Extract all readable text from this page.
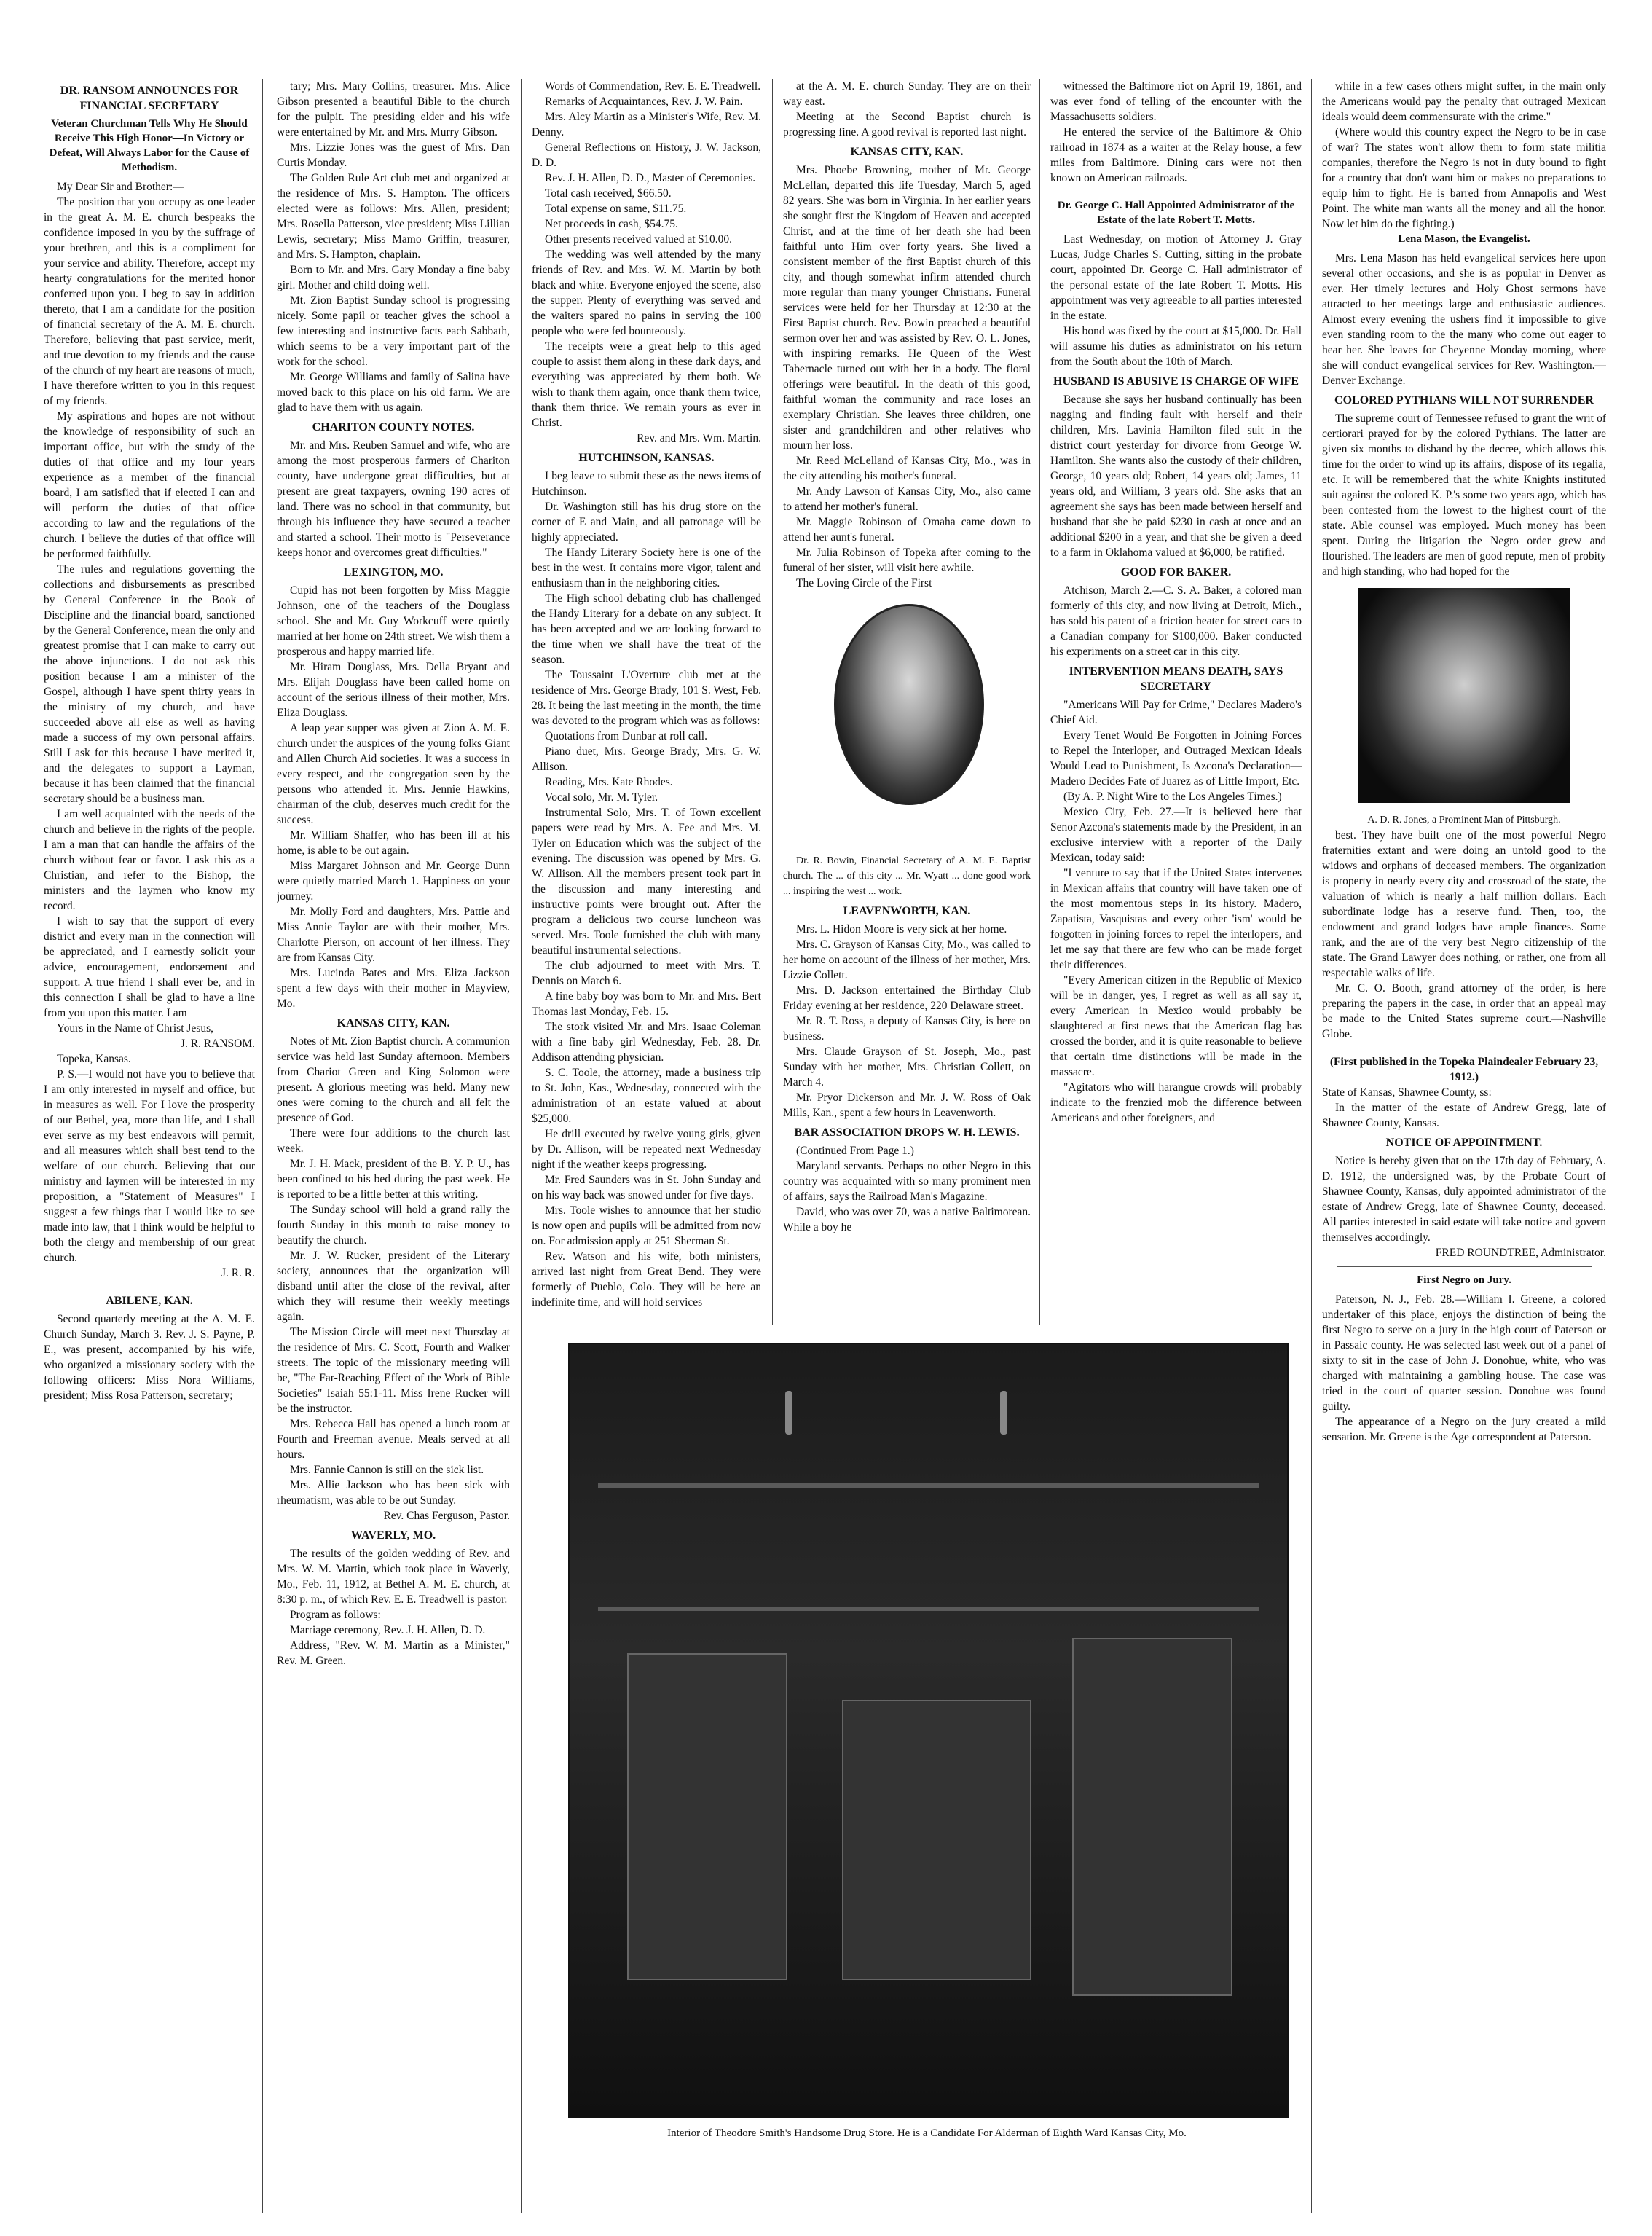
DR. RANSOM ANNOUNCES FOR FINANCIAL SECRETARY
Veteran Churchman Tells Why He Should Receive This High Honor—In Victory or Defeat, Will Always Labor for the Cause of Methodism.

My Dear Sir and Brother:—

The position that you occupy as one leader in the great A. M. E. church bespeaks the confidence imposed in you by the suffrage of your brethren, and this is a compliment for your service and ability. Therefore, accept my hearty congratulations for the merited honor conferred upon you. I beg to say in addition thereto, that I am a candidate for the position of financial secretary of the A. M. E. church. Therefore, believing that past service, merit, and true devotion to my friends and the cause of the church of my heart are reasons of much, I have therefore written to you in this request of my friends.

My aspirations and hopes are not without the knowledge of responsibility of such an important office, but with the study of the duties of that office and my four years experience as a member of the financial board, I am satisfied that if elected I can and will perform the duties of that office according to law and the regulations of the church. I believe the duties of that office will be performed faithfully.

The rules and regulations governing the collections and disbursements as prescribed by General Conference in the Book of Discipline and the financial board, sanctioned by the General Conference, mean the only and greatest promise that I can make to carry out the above injunctions. I do not ask this position because I am a minister of the Gospel, although I have spent thirty years in the ministry of my church, and have succeeded above all else as well as having made a success of my own personal affairs. Still I ask for this because I have merited it, and the delegates to support a Layman, because it has been claimed that the financial secretary should be a business man.

I am well acquainted with the needs of the church and believe in the rights of the people. I am a man that can handle the affairs of the church without fear or favor. I ask this as a Christian, and refer to the Bishop, the ministers and the laymen who know my record.

I wish to say that the support of every district and every man in the connection will be appreciated, and I earnestly solicit your advice, encouragement, endorsement and support. A true friend I shall ever be, and in this connection I shall be glad to have a line from you upon this matter. I am

Yours in the Name of Christ Jesus,

J. R. RANSOM.

Topeka, Kansas.

P. S.—I would not have you to believe that I am only interested in myself and office, but in measures as well. For I love the prosperity of our Bethel, yea, more than life, and I shall ever serve as my best endeavors will permit, and all measures which shall best tend to the welfare of our church. Believing that our ministry and laymen will be interested in my proposition, a "Statement of Measures" I suggest a few things that I would like to see made into law, that I think would be helpful to both the clergy and membership of our great church.

J. R. R.

ABILENE, KAN.

Second quarterly meeting at the A. M. E. Church Sunday, March 3. Rev. J. S. Payne, P. E., was present, accompanied by his wife, who organized a missionary society with the following officers: Miss Nora Williams, president; Miss Rosa Patterson, secretary;

tary; Mrs. Mary Collins, treasurer. Mrs. Alice Gibson presented a beautiful Bible to the church for the pulpit. The presiding elder and his wife were entertained by Mr. and Mrs. Murry Gibson.

Mrs. Lizzie Jones was the guest of Mrs. Dan Curtis Monday.

The Golden Rule Art club met and organized at the residence of Mrs. S. Hampton. The officers elected were as follows: Mrs. Allen, president; Mrs. Rosella Patterson, vice president; Miss Lillian Lewis, secretary; Miss Mamo Griffin, treasurer, and Mrs. S. Hampton, chaplain.

Born to Mr. and Mrs. Gary Monday a fine baby girl. Mother and child doing well.

Mt. Zion Baptist Sunday school is progressing nicely. Some papil or teacher gives the school a few interesting and instructive facts each Sabbath, which seems to be a very important part of the work for the school.

Mr. George Williams and family of Salina have moved back to this place on his old farm. We are glad to have them with us again.

CHARITON COUNTY NOTES.

Mr. and Mrs. Reuben Samuel and wife, who are among the most prosperous farmers of Chariton county, have undergone great difficulties, but at present are great taxpayers, owning 190 acres of land. There was no school in that community, but through his influence they have secured a teacher and started a school. Their motto is "Perseverance keeps honor and overcomes great difficulties."

LEXINGTON, MO.

Cupid has not been forgotten by Miss Maggie Johnson, one of the teachers of the Douglass school. She and Mr. Guy Workcuff were quietly married at her home on 24th street. We wish them a prosperous and happy married life.

Mr. Hiram Douglass, Mrs. Della Bryant and Mrs. Elijah Douglass have been called home on account of the serious illness of their mother, Mrs. Eliza Douglass.

A leap year supper was given at Zion A. M. E. church under the auspices of the young folks Giant and Allen Church Aid societies. It was a success in every respect, and the congregation seen by the persons who attended it. Mrs. Jennie Hawkins, chairman of the club, deserves much credit for the success.

Mr. William Shaffer, who has been ill at his home, is able to be out again.

Miss Margaret Johnson and Mr. George Dunn were quietly married March 1. Happiness on your journey.

Mr. Molly Ford and daughters, Mrs. Pattie and Miss Annie Taylor are with their mother, Mrs. Charlotte Pierson, on account of her illness. They are from Kansas City.

Mrs. Lucinda Bates and Mrs. Eliza Jackson spent a few days with their mother in Mayview, Mo.

KANSAS CITY, KAN.

Notes of Mt. Zion Baptist church. A communion service was held last Sunday afternoon. Members from Chariot Green and King Solomon were present. A glorious meeting was held. Many new ones were coming to the church and all felt the presence of God.

There were four additions to the church last week.

Mr. J. H. Mack, president of the B. Y. P. U., has been confined to his bed during the past week. He is reported to be a little better at this writing.

The Sunday school will hold a grand rally the fourth Sunday in this month to raise money to beautify the church.

Mr. J. W. Rucker, president of the Literary society, announces that the organization will disband until after the close of the revival, after which they will resume their weekly meetings again.

The Mission Circle will meet next Thursday at the residence of Mrs. C. Scott, Fourth and Walker streets. The topic of the missionary meeting will be, "The Far-Reaching Effect of the Work of Bible Societies" Isaiah 55:1-11. Miss Irene Rucker will be the instructor.

Mrs. Rebecca Hall has opened a lunch room at Fourth and Freeman avenue. Meals served at all hours.

Mrs. Fannie Cannon is still on the sick list.

Mrs. Allie Jackson who has been sick with rheumatism, was able to be out Sunday.

Rev. Chas Ferguson, Pastor.

WAVERLY, MO.

The results of the golden wedding of Rev. and Mrs. W. M. Martin, which took place in Waverly, Mo., Feb. 11, 1912, at Bethel A. M. E. church, at 8:30 p. m., of which Rev. E. E. Treadwell is pastor.

Program as follows:

Marriage ceremony, Rev. J. H. Allen, D. D.

Address, "Rev. W. M. Martin as a Minister," Rev. M. Green.

Words of Commendation, Rev. E. E. Treadwell.

Remarks of Acquaintances, Rev. J. W. Pain.

Mrs. Alcy Martin as a Minister's Wife, Rev. M. Denny.

General Reflections on History, J. W. Jackson, D. D.

Rev. J. H. Allen, D. D., Master of Ceremonies.

Total cash received, $66.50.

Total expense on same, $11.75.

Net proceeds in cash, $54.75.

Other presents received valued at $10.00.

The wedding was well attended by the many friends of Rev. and Mrs. W. M. Martin by both black and white. Everyone enjoyed the scene, also the supper. Plenty of everything was served and the waiters spared no pains in serving the 100 people who were fed bounteously.

The receipts were a great help to this aged couple to assist them along in these dark days, and everything was appreciated by them both. We wish to thank them again, once thank them twice, thank them thrice. We remain yours as ever in Christ.

Rev. and Mrs. Wm. Martin.

HUTCHINSON, KANSAS.

I beg leave to submit these as the news items of Hutchinson.

Dr. Washington still has his drug store on the corner of E and Main, and all patronage will be highly appreciated.

The Handy Literary Society here is one of the best in the west. It contains more vigor, talent and enthusiasm than in the neighboring cities.

The High school debating club has challenged the Handy Literary for a debate on any subject. It has been accepted and we are looking forward to the time when we shall have the treat of the season.

The Toussaint L'Overture club met at the residence of Mrs. George Brady, 101 S. West, Feb. 28. It being the last meeting in the month, the time was devoted to the program which was as follows:

Quotations from Dunbar at roll call.

Piano duet, Mrs. George Brady, Mrs. G. W. Allison.

Reading, Mrs. Kate Rhodes.

Vocal solo, Mr. M. Tyler.

Instrumental Solo, Mrs. T. of Town excellent papers were read by Mrs. A. Fee and Mrs. M. Tyler on Education which was the subject of the evening. The discussion was opened by Mrs. G. W. Allison. All the members present took part in the discussion and many interesting and instructive points were brought out. After the program a delicious two course luncheon was served. Mrs. Toole furnished the club with many beautiful instrumental selections.

The club adjourned to meet with Mrs. T. Dennis on March 6.

A fine baby boy was born to Mr. and Mrs. Bert Thomas last Monday, Feb. 15.

The stork visited Mr. and Mrs. Isaac Coleman with a fine baby girl Wednesday, Feb. 28. Dr. Addison attending physician.

S. C. Toole, the attorney, made a business trip to St. John, Kas., Wednesday, connected with the administration of an estate valued at about $25,000.

He drill executed by twelve young girls, given by Dr. Allison, will be repeated next Wednesday night if the weather keeps progressing.

Mr. Fred Saunders was in St. John Sunday and on his way back was snowed under for five days.

Mrs. Toole wishes to announce that her studio is now open and pupils will be admitted from now on. For admission apply at 251 Sherman St.

Rev. Watson and his wife, both ministers, arrived last night from Great Bend. They were formerly of Pueblo, Colo. They will be here an indefinite time, and will hold services

at the A. M. E. church Sunday. They are on their way east.

Meeting at the Second Baptist church is progressing fine. A good revival is reported last night.

KANSAS CITY, KAN.

Mrs. Phoebe Browning, mother of Mr. George McLellan, departed this life Tuesday, March 5, aged 82 years. She was born in Virginia. In her earlier years she sought first the Kingdom of Heaven and accepted Christ, and at the time of her death she had been faithful unto Him over forty years. She lived a consistent member of the first Baptist church of this city, and though somewhat infirm attended church more regular than many younger Christians. Funeral services were held for her Thursday at 12:30 at the First Baptist church. Rev. Bowin preached a beautiful sermon over her and was assisted by Rev. O. L. Jones, with inspiring remarks. He Queen of the West Tabernacle turned out with her in a body. The floral offerings were beautiful. In the death of this good, faithful woman the community and race loses an exemplary Christian. She leaves three children, one sister and grandchildren and other relatives who mourn her loss.

Mr. Reed McLelland of Kansas City, Mo., was in the city attending his mother's funeral.

Mr. Andy Lawson of Kansas City, Mo., also came to attend her mother's funeral.

Mr. Maggie Robinson of Omaha came down to attend her aunt's funeral.

Mr. Julia Robinson of Topeka after coming to the funeral of her sister, will visit here awhile.

The Loving Circle of the First

Dr. R. Bowin, Financial Secretary of A. M. E. Baptist church. The ... of this city ... Mr. Wyatt ... done good work ... inspiring the west ... work.

LEAVENWORTH, KAN.

Mrs. L. Hidon Moore is very sick at her home.

Mrs. C. Grayson of Kansas City, Mo., was called to her home on account of the illness of her mother, Mrs. Lizzie Collett.

Mrs. D. Jackson entertained the Birthday Club Friday evening at her residence, 220 Delaware street.

Mr. R. T. Ross, a deputy of Kansas City, is here on business.

Mrs. Claude Grayson of St. Joseph, Mo., past Sunday with her mother, Mrs. Christian Collett, on March 4.

Mr. Pryor Dickerson and Mr. J. W. Ross of Oak Mills, Kan., spent a few hours in Leavenworth.

BAR ASSOCIATION DROPS W. H. LEWIS.

(Continued From Page 1.)

Maryland servants. Perhaps no other Negro in this country was acquainted with so many prominent men of affairs, says the Railroad Man's Magazine.

David, who was over 70, was a native Baltimorean. While a boy he

witnessed the Baltimore riot on April 19, 1861, and was ever fond of telling of the encounter with the Massachusetts soldiers.

He entered the service of the Baltimore & Ohio railroad in 1874 as a waiter at the Relay house, a few miles from Baltimore. Dining cars were not then known on American railroads.

Dr. George C. Hall Appointed Administrator of the Estate of the late Robert T. Motts.

Last Wednesday, on motion of Attorney J. Gray Lucas, Judge Charles S. Cutting, sitting in the probate court, appointed Dr. George C. Hall administrator of the personal estate of the late Robert T. Motts. His appointment was very agreeable to all parties interested in the estate.

His bond was fixed by the court at $15,000. Dr. Hall will assume his duties as administrator on his return from the South about the 10th of March.

HUSBAND IS ABUSIVE IS CHARGE OF WIFE

Because she says her husband continually has been nagging and finding fault with herself and their children, Mrs. Lavinia Hamilton filed suit in the district court yesterday for divorce from George W. Hamilton. She wants also the custody of their children, George, 10 years old; Robert, 14 years old; James, 11 years old, and William, 3 years old. She asks that an agreement she says has been made between herself and husband that she be paid $230 in cash at once and an additional $200 in a year, and that she be given a deed to a farm in Oklahoma valued at $6,000, be ratified.

GOOD FOR BAKER.

Atchison, March 2.—C. S. A. Baker, a colored man formerly of this city, and now living at Detroit, Mich., has sold his patent of a friction heater for street cars to a Canadian company for $100,000. Baker conducted his experiments on a street car in this city.

INTERVENTION MEANS DEATH, SAYS SECRETARY

"Americans Will Pay for Crime," Declares Madero's Chief Aid.

Every Tenet Would Be Forgotten in Joining Forces to Repel the Interloper, and Outraged Mexican Ideals Would Lead to Punishment, Is Azcona's Declaration—Madero Decides Fate of Juarez as of Little Import, Etc.

(By A. P. Night Wire to the Los Angeles Times.)

Mexico City, Feb. 27.—It is believed here that Senor Azcona's statements made by the President, in an exclusive interview with a reporter of the Daily Mexican, today said:

"I venture to say that if the United States intervenes in Mexican affairs that country will have taken one of the most momentous steps in its history. Madero, Zapatista, Vasquistas and every other 'ism' would be forgotten in joining forces to repel the interlopers, and let me say that there are few who can be made forget their differences.

"Every American citizen in the Republic of Mexico will be in danger, yes, I regret as well as all say it, every American in Mexico would probably be slaughtered at first news that the American flag has crossed the border, and it is quite reasonable to believe that certain time distinctions will be made in the massacre.

"Agitators who will harangue crowds will probably indicate to the frenzied mob the difference between Americans and other foreigners, and

while in a few cases others might suffer, in the main only the Americans would pay the penalty that outraged Mexican ideals would deem commensurate with the crime."

(Where would this country expect the Negro to be in case of war? The states won't allow them to form state militia companies, therefore the Negro is not in duty bound to fight for a country that don't want him or makes no preparations to equip him to fight. He is barred from Annapolis and West Point. The white man wants all the money and all the honor. Now let him do the fighting.)

Lena Mason, the Evangelist.

Mrs. Lena Mason has held evangelical services here upon several other occasions, and she is as popular in Denver as ever. Her timely lectures and Holy Ghost sermons have attracted to her meetings large and enthusiastic audiences. Almost every evening the ushers find it impossible to give even standing room to the the many who come out eager to hear her. She leaves for Cheyenne Monday morning, where she will conduct evangelical services for Rev. Washington.—Denver Exchange.

COLORED PYTHIANS WILL NOT SURRENDER

The supreme court of Tennessee refused to grant the writ of certiorari prayed for by the colored Pythians. The latter are given six months to disband by the decree, which allows this time for the order to wind up its affairs, dispose of its regalia, etc. It will be remembered that the white Knights instituted suit against the colored K. P.'s some two years ago, which has been contested from the lowest to the highest court of the state. Able counsel was employed. Much money has been spent. During the litigation the Negro order grew and flourished. The leaders are men of good repute, men of probity and high standing, who had hoped for the

A. D. R. Jones, a Prominent Man of Pittsburgh.

best. They have built one of the most powerful Negro fraternities extant and were doing an untold good to the widows and orphans of deceased members. The organization is property in nearly every city and crossroad of the state, the valuation of which is nearly a half million dollars. Each subordinate lodge has a reserve fund. Then, too, the endowment and grand lodges have ample finances. Some rank, and the are of the very best Negro citizenship of the state. The Grand Lawyer does nothing, or rather, one from all respectable walks of life.

Mr. C. O. Booth, grand attorney of the order, is here preparing the papers in the case, in order that an appeal may be made to the United States supreme court.—Nashville Globe.

(First published in the Topeka Plaindealer February 23, 1912.)

State of Kansas, Shawnee County, ss:

In the matter of the estate of Andrew Gregg, late of Shawnee County, Kansas.

NOTICE OF APPOINTMENT.

Notice is hereby given that on the 17th day of February, A. D. 1912, the undersigned was, by the Probate Court of Shawnee County, Kansas, duly appointed administrator of the estate of Andrew Gregg, late of Shawnee County, deceased. All parties interested in said estate will take notice and govern themselves accordingly.

FRED ROUNDTREE, Administrator.

First Negro on Jury.

Paterson, N. J., Feb. 28.—William I. Greene, a colored undertaker of this place, enjoys the distinction of being the first Negro to serve on a jury in the high court of Paterson or in Passaic county. He was selected last week out of a panel of sixty to sit in the case of John J. Donohue, white, who was charged with maintaining a gambling house. The case was tried in the court of quarter session. Donohue was found guilty.

The appearance of a Negro on the jury created a mild sensation. Mr. Greene is the Age correspondent at Paterson.

Interior of Theodore Smith's Handsome Drug Store. He is a Candidate For Alderman of Eighth Ward Kansas City, Mo.
